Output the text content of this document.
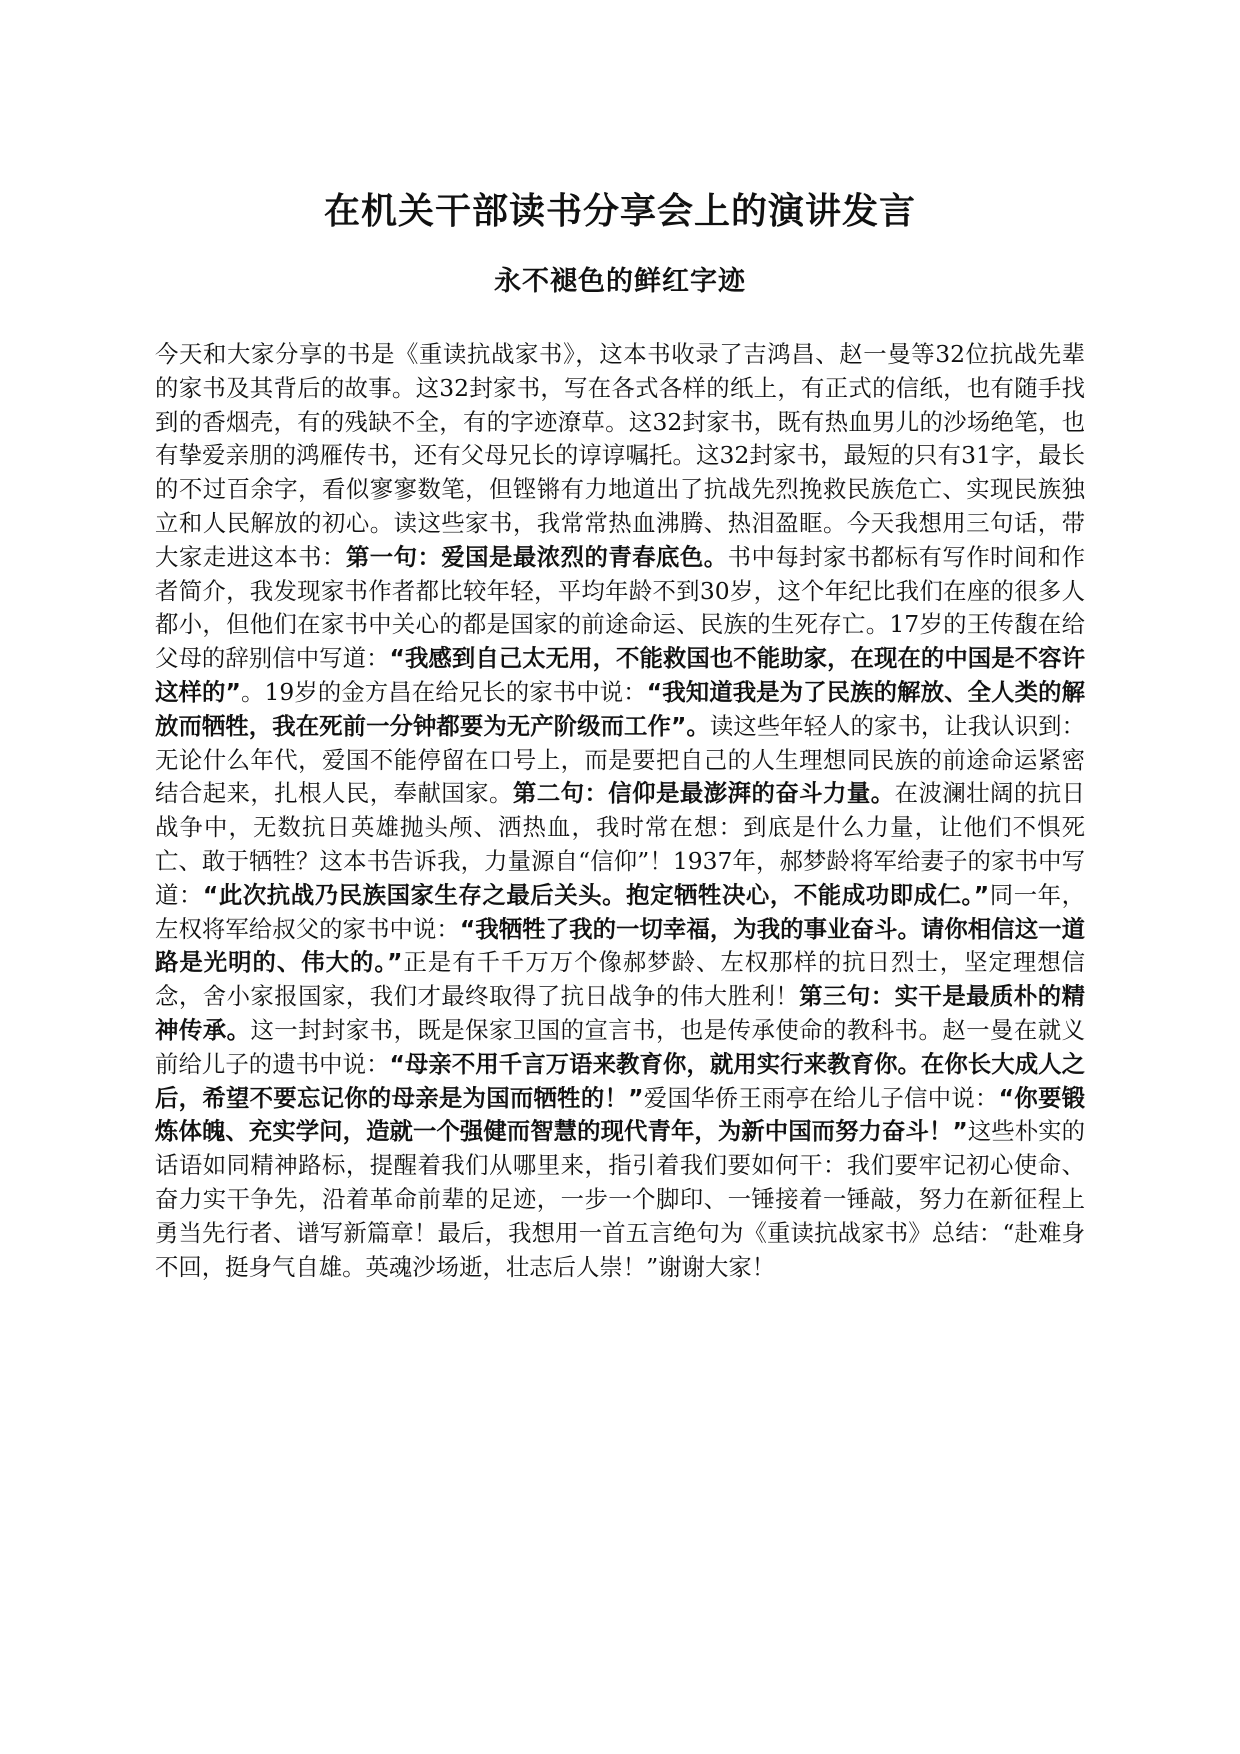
在机关干部读书分享会上的演讲发言
永不褪色的鲜红字迹

今天和大家分享的书是《重读抗战家书》，这本书收录了吉鸿昌、赵一曼等32位抗战先辈的家书及其背后的故事。这32封家书，写在各式各样的纸上，有正式的信纸，也有随手找到的香烟壳，有的残缺不全，有的字迹潦草。这32封家书，既有热血男儿的沙场绝笔，也有挚爱亲朋的鸿雁传书，还有父母兄长的谆谆嘱托。这32封家书，最短的只有31字，最长的不过百余字，看似寥寥数笔，但铿锵有力地道出了抗战先烈挽救民族危亡、实现民族独立和人民解放的初心。读这些家书，我常常热血沸腾、热泪盈眶。今天我想用三句话，带大家走进这本书：第一句：爱国是最浓烈的青春底色。书中每封家书都标有写作时间和作者简介，我发现家书作者都比较年轻，平均年龄不到30岁，这个年纪比我们在座的很多人都小，但他们在家书中关心的都是国家的前途命运、民族的生死存亡。17岁的王传馥在给父母的辞别信中写道：“我感到自己太无用，不能救国也不能助家，在现在的中国是不容许这样的”。19岁的金方昌在给兄长的家书中说：“我知道我是为了民族的解放、全人类的解放而牺牲，我在死前一分钟都要为无产阶级而工作”。读这些年轻人的家书，让我认识到：无论什么年代，爱国不能停留在口号上，而是要把自己的人生理想同民族的前途命运紧密结合起来，扎根人民，奉献国家。第二句：信仰是最澎湃的奋斗力量。在波澜壮阔的抗日战争中，无数抗日英雄抛头颅、洒热血，我时常在想：到底是什么力量，让他们不惧死亡、敢于牺牲？这本书告诉我，力量源自“信仰”！1937年，郝梦龄将军给妻子的家书中写道：“此次抗战乃民族国家生存之最后关头。抱定牺牲决心，不能成功即成仁。”同一年，左权将军给叔父的家书中说：“我牺牲了我的一切幸福，为我的事业奋斗。请你相信这一道路是光明的、伟大的。”正是有千千万万个像郝梦龄、左权那样的抗日烈士，坚定理想信念，舍小家报国家，我们才最终取得了抗日战争的伟大胜利！第三句：实干是最质朴的精神传承。这一封封家书，既是保家卫国的宣言书，也是传承使命的教科书。赵一曼在就义前给儿子的遗书中说：“母亲不用千言万语来教育你，就用实行来教育你。在你长大成人之后，希望不要忘记你的母亲是为国而牺牲的！”爱国华侨王雨亭在给儿子信中说：“你要锻炼体魄、充实学问，造就一个强健而智慧的现代青年，为新中国而努力奋斗！”这些朴实的话语如同精神路标，提醒着我们从哪里来，指引着我们要如何干：我们要牢记初心使命、奋力实干争先，沿着革命前辈的足迹，一步一个脚印、一锤接着一锤敲，努力在新征程上勇当先行者、谱写新篇章！最后，我想用一首五言绝句为《重读抗战家书》总结：“赴难身不回，挺身气自雄。英魂沙场逝，壮志后人崇！”谢谢大家！
